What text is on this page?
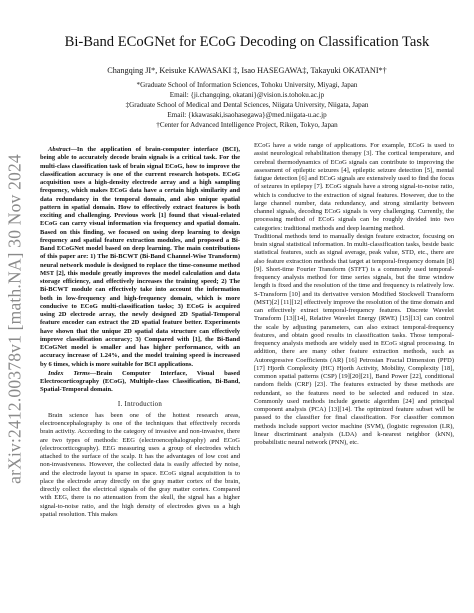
arXiv:2412.00378v1 [math.NA] 30 Nov 2024
Bi-Band ECoGNet for ECoG Decoding on Classification Task
Changqing JI*, Keisuke KAWASAKI ‡, Isao HASEGAWA‡, Takayuki OKATANI*†
*Graduate School of Information Sciences, Tohoku University, Miyagi, Japan
Email: {ji.changqing, okatani}@vision.is.tohoku.ac.jp
‡Graduate School of Medical and Dental Sciences, Niigata University, Niigata, Japan
Email: {kkawasaki,isaohasegawa}@med.niigata-u.ac.jp
†Center for Advanced Intelligence Project, Riken, Tokyo, Japan

Abstract—In the application of brain-computer interface (BCI), being able to accurately decode brain signals is a critical task. For the multi-class classification task of brain signal ECoG, how to improve the classification accuracy is one of the current research hotspots. ECoG acquisition uses a high-density electrode array and a high sampling frequency, which makes ECoG data have a certain high similarity and data redundancy in the temporal domain, and also unique spatial pattern in spatial domain. How to effectively extract features is both exciting and challenging. Previous work [1] found that visual-related ECoG can carry visual information via frequency and spatial domain. Based on this finding, we focused on using deep learning to design frequency and spatial feature extraction modules, and proposed a Bi-Band ECoGNet model based on deep learning. The main contributions of this paper are: 1) The Bi-BCWT (Bi-Band Channel-Wise Transform) neural network module is designed to replace the time-consume method MST [2], this module greatly improves the model calculation and data storage efficiency, and effectively increases the training speed; 2) The Bi-BCWT module can effectively take into account the information both in low-frequency and high-frequency domain, which is more conducive to ECoG multi-classification tasks; 3) ECoG is acquired using 2D electrode array, the newly designed 2D Spatial-Temporal feature encoder can extract the 2D spatial feature better. Experiments have shown that the unique 2D spatial data structure can effectively improve classification accuracy; 3) Compared with [1], the Bi-Band ECoGNet model is smaller and has higher performance, with an accuracy increase of 1.24%, and the model training speed is increased by 6 times, which is more suitable for BCI applications.

Index Terms—Brain Computer Interface, Visual based Electrocorticography (ECoG), Multiple-class Classification, Bi-Band, Spatial-Temporal domain.

I. Introduction

Brain science has been one of the hottest research areas, electroencephalography is one of the techniques that effectively records brain activity. According to the category of invasive and non-invasive, there are two types of methods: EEG (electroencephalography) and ECoG (electrocorticography). EEG measuring uses a group of electrodes which attached to the surface of the scalp. It has the advantages of low cost and non-invasiveness. However, the collected data is easily affected by noise, and the electrode layout is sparse in space. ECoG signal acquisition is to place the electrode array directly on the gray matter cortex of the brain, directly collect the electrical signals of the gray matter cortex. Compared with EEG, there is no attenuation from the skull, the signal has a higher signal-to-noise ratio, and the high density of electrodes gives us a high spatial resolution. This makes

ECoG have a wide range of applications. For example, ECoG is used to assist neurological rehabilitation therapy [3]. The cortical temperature, and cerebral thermodynamics of ECoG signals can contribute to improving the assessment of epileptic seizures [4], epileptic seizure detection [5], mental fatigue detection [6] and ECoG signals are extensively used to find the focus of seizures in epilepsy [7]. ECoG signals have a strong signal-to-noise ratio, which is conducive to the extraction of signal features. However, due to the large channel number, data redundancy, and strong similarity between channel signals, decoding ECoG signals is very challenging. Currently, the processing method of ECoG signals can be roughly divided into two categories: traditional methods and deep learning method.

Traditional methods tend to manually design feature extractor, focusing on brain signal statistical information. In multi-classification tasks, beside basic statistical features, such as signal average, peak value, STD, etc., there are also feature extraction methods that target at temporal-frequency domain [8] [9]. Short-time Fourier Transform (STFT) is a commonly used temporal-frequency analysis method for time series signals, but the time window length is fixed and the resolution of the time and frequency is relatively low. S-Transform [10] and its derivative version Modified Stockwell Transform (MST)[2] [11][12] effectively improve the resolution of the time domain and can effectively extract temporal-frequency features. Discrete Wavelet Transform [13][14], Relative Wavelet Energy (RWE) [15][13] can control the scale by adjusting parameters, can also extract temporal-frequency features, and obtain good results in classification tasks. Those temporal-frequency analysis methods are widely used in ECoG signal processing. In addition, there are many other feature extraction methods, such as Autoregressive Coefficients (AR) [16] Petrosian Fractal Dimension (PFD) [17] Hjorth Complexity (HC) Hjorth Activity, Mobility, Complexity [18], common spatial patterns (CSP) [19][20][21], Band Power [22], conditional random fields (CRF) [23]. The features extracted by these methods are redundant, so the features need to be selected and reduced in size. Commonly used methods include genetic algorithm [24] and principal component analysis (PCA) [13][14]. The optimized feature subset will be passed to the classifier for final classification. For classifier common methods include support vector machine (SVM), (logistic regression (LR), linear discriminant analysis (LDA) and k-nearest neighbor (kNN), probabilistic neural network (PNN), etc.
